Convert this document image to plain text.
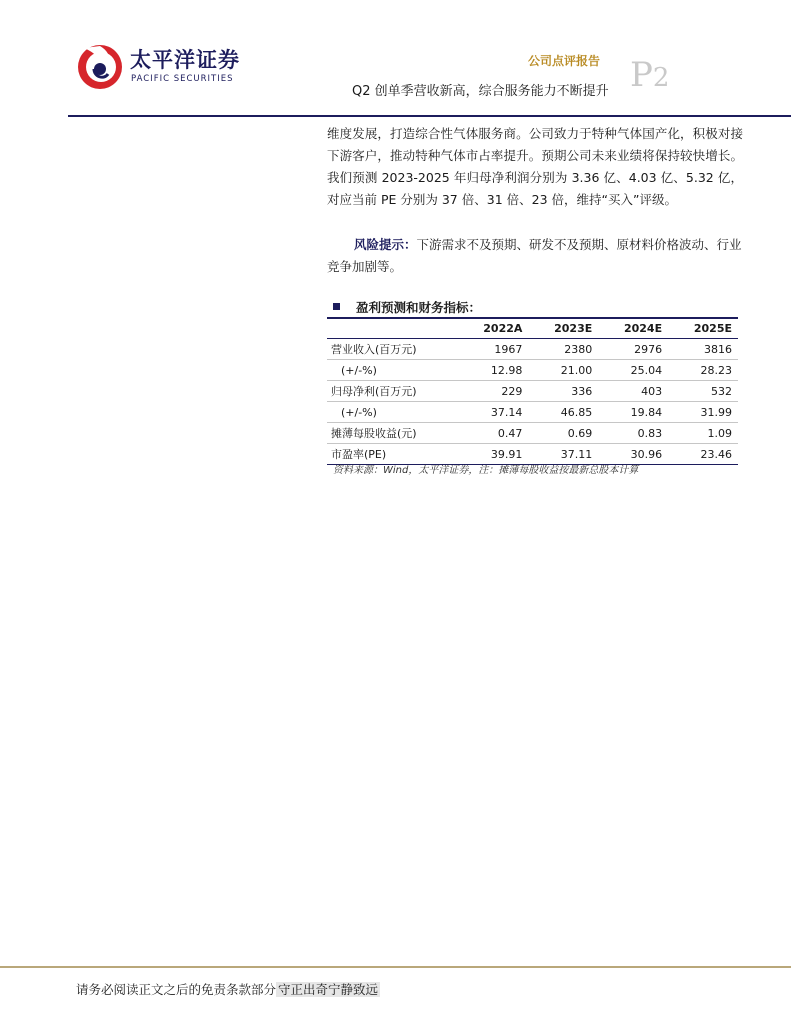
太平洋证券
PACIFIC SECURITIES
公司点评报告 P2
Q2 创单季营收新高，综合服务能力不断提升

维度发展，打造综合性气体服务商。公司致力于特种气体国产化，积极对接下游客户，推动特种气体市占率提升。预期公司未来业绩将保持较快增长。我们预测 2023-2025 年归母净利润分别为 3.36 亿、4.03 亿、5.32 亿，对应当前 PE 分别为 37 倍、31 倍、23 倍，维持“买入”评级。

风险提示：下游需求不及预期、研发不及预期、原材料价格波动、行业竞争加剧等。

盈利预测和财务指标：
	2022A	2023E	2024E	2025E
营业收入(百万元)	1967	2380	2976	3816
(+/-%)	12.98	21.00	25.04	28.23
归母净利(百万元)	229	336	403	532
(+/-%)	37.14	46.85	19.84	31.99
摊薄每股收益(元)	0.47	0.69	0.83	1.09
市盈率(PE)	39.91	37.11	30.96	23.46
资料来源：Wind，太平洋证券，注：摊薄每股收益按最新总股本计算
请务必阅读正文之后的免责条款部分 守正出奇宁静致远
